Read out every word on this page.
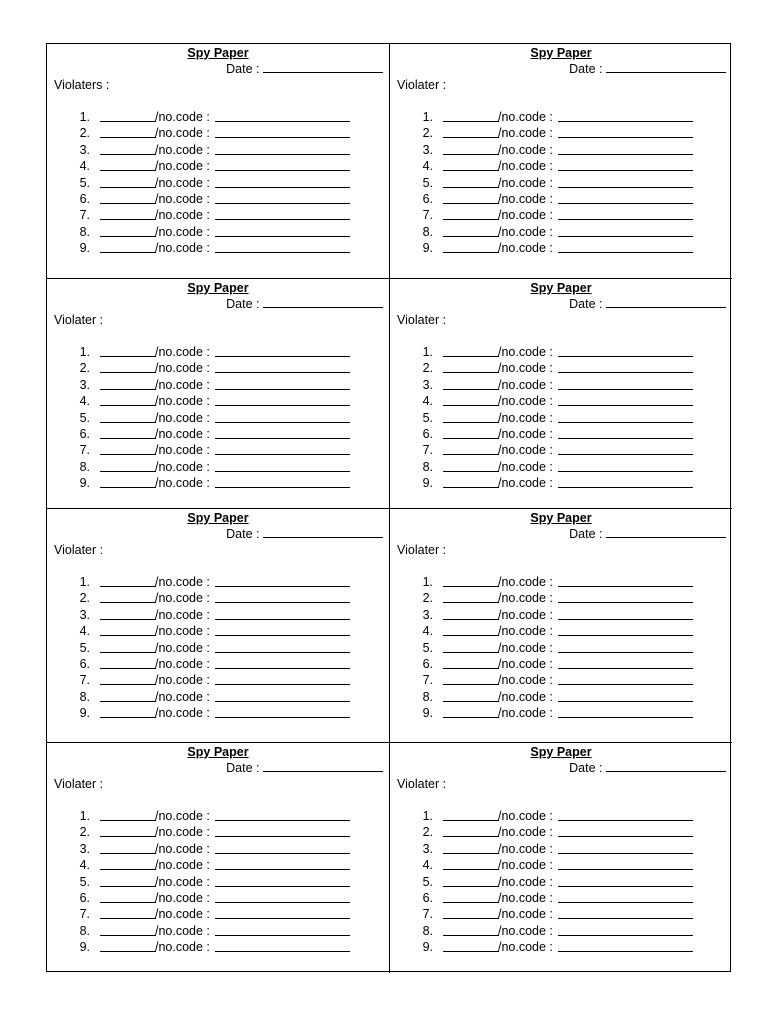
Spy Paper
Date :
Violaters :
1.	/no.code :
2.	/no.code :
3.	/no.code :
4.	/no.code :
5.	/no.code :
6.	/no.code :
7.	/no.code :
8.	/no.code :
9.	/no.code :
Spy Paper
Date :
Violater :
1.	/no.code :
2.	/no.code :
3.	/no.code :
4.	/no.code :
5.	/no.code :
6.	/no.code :
7.	/no.code :
8.	/no.code :
9.	/no.code :
Spy Paper
Date :
Violater :
1.	/no.code :
2.	/no.code :
3.	/no.code :
4.	/no.code :
5.	/no.code :
6.	/no.code :
7.	/no.code :
8.	/no.code :
9.	/no.code :
Spy Paper
Date :
Violater :
1.	/no.code :
2.	/no.code :
3.	/no.code :
4.	/no.code :
5.	/no.code :
6.	/no.code :
7.	/no.code :
8.	/no.code :
9.	/no.code :
Spy Paper
Date :
Violater :
1.	/no.code :
2.	/no.code :
3.	/no.code :
4.	/no.code :
5.	/no.code :
6.	/no.code :
7.	/no.code :
8.	/no.code :
9.	/no.code :
Spy Paper
Date :
Violater :
1.	/no.code :
2.	/no.code :
3.	/no.code :
4.	/no.code :
5.	/no.code :
6.	/no.code :
7.	/no.code :
8.	/no.code :
9.	/no.code :
Spy Paper
Date :
Violater :
1.	/no.code :
2.	/no.code :
3.	/no.code :
4.	/no.code :
5.	/no.code :
6.	/no.code :
7.	/no.code :
8.	/no.code :
9.	/no.code :
Spy Paper
Date :
Violater :
1.	/no.code :
2.	/no.code :
3.	/no.code :
4.	/no.code :
5.	/no.code :
6.	/no.code :
7.	/no.code :
8.	/no.code :
9.	/no.code :
